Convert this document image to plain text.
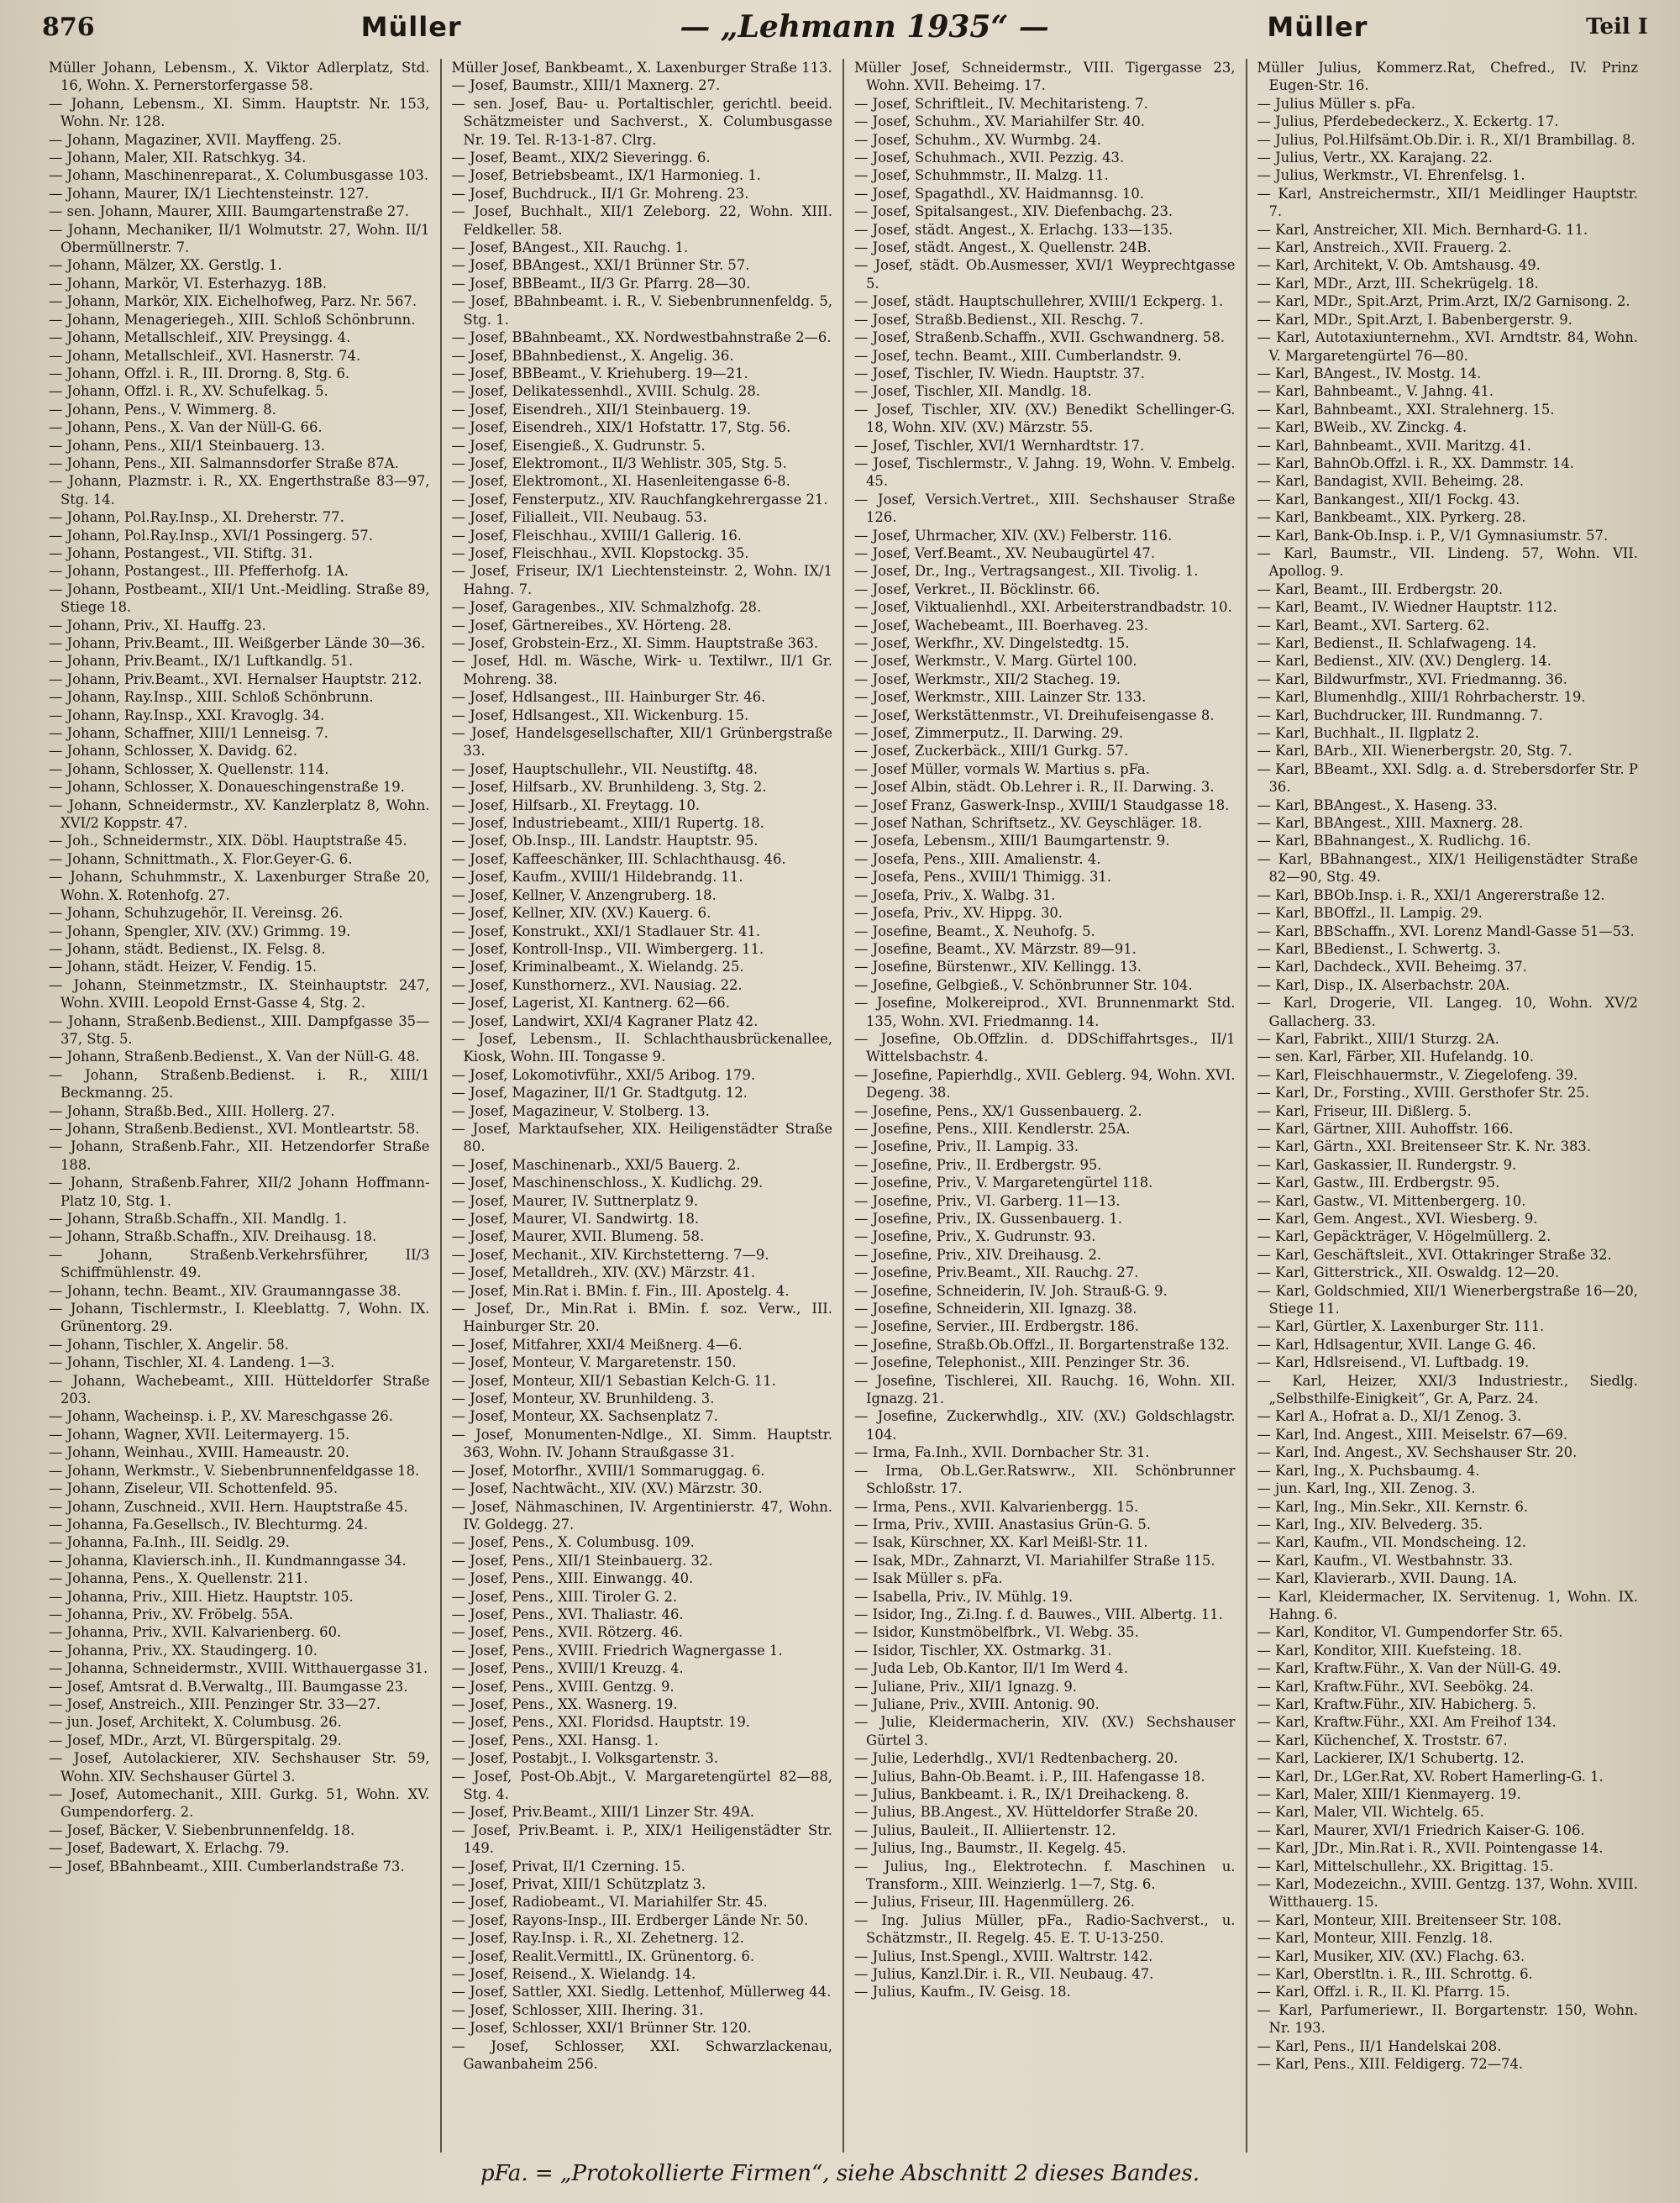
876	Müller	— „Lehmann 1935“ —	Müller	Teil I
Müller Johann, Lebensm., X. Viktor Adlerplatz, Std. 16, Wohn. X. Pernerstorfergasse 58.
— Johann, Lebensm., XI. Simm. Hauptstr. Nr. 153, Wohn. Nr. 128.
— Johann, Magaziner, XVII. Mayffeng. 25.
— Johann, Maler, XII. Ratschkyg. 34.
— Johann, Maschinenreparat., X. Columbusgasse 103.
— Johann, Maurer, IX/1 Liechtensteinstr. 127.
— sen. Johann, Maurer, XIII. Baumgartenstraße 27.
— Johann, Mechaniker, II/1 Wolmutstr. 27, Wohn. II/1 Obermüllnerstr. 7.
— Johann, Mälzer, XX. Gerstlg. 1.
— Johann, Markör, VI. Esterhazyg. 18B.
— Johann, Markör, XIX. Eichelhofweg, Parz. Nr. 567.
— Johann, Menageriegeh., XIII. Schloß Schönbrunn.
— Johann, Metallschleif., XIV. Preysingg. 4.
— Johann, Metallschleif., XVI. Hasnerstr. 74.
— Johann, Offzl. i. R., III. Drorng. 8, Stg. 6.
— Johann, Offzl. i. R., XV. Schufelkag. 5.
— Johann, Pens., V. Wimmerg. 8.
— Johann, Pens., X. Van der Nüll-G. 66.
— Johann, Pens., XII/1 Steinbauerg. 13.
— Johann, Pens., XII. Salmannsdorfer Straße 87A.
— Johann, Plazmstr. i. R., XX. Engerthstraße 83—97, Stg. 14.
— Johann, Pol.Ray.Insp., XI. Dreherstr. 77.
— Johann, Pol.Ray.Insp., XVI/1 Possingerg. 57.
— Johann, Postangest., VII. Stiftg. 31.
— Johann, Postangest., III. Pfefferhofg. 1A.
— Johann, Postbeamt., XII/1 Unt.-Meidling. Straße 89, Stiege 18.
— Johann, Priv., XI. Hauffg. 23.
— Johann, Priv.Beamt., III. Weißgerber Lände 30—36.
— Johann, Priv.Beamt., IX/1 Luftkandlg. 51.
— Johann, Priv.Beamt., XVI. Hernalser Hauptstr. 212.
— Johann, Ray.Insp., XIII. Schloß Schönbrunn.
— Johann, Ray.Insp., XXI. Kravoglg. 34.
— Johann, Schaffner, XIII/1 Lenneisg. 7.
— Johann, Schlosser, X. Davidg. 62.
— Johann, Schlosser, X. Quellenstr. 114.
— Johann, Schlosser, X. Donaueschingenstraße 19.
— Johann, Schneidermstr., XV. Kanzlerplatz 8, Wohn. XVI/2 Koppstr. 47.
— Joh., Schneidermstr., XIX. Döbl. Hauptstraße 45.
— Johann, Schnittmath., X. Flor.Geyer-G. 6.
— Johann, Schuhmmstr., X. Laxenburger Straße 20, Wohn. X. Rotenhofg. 27.
— Johann, Schuhzugehör, II. Vereinsg. 26.
— Johann, Spengler, XIV. (XV.) Grimmg. 19.
— Johann, städt. Bedienst., IX. Felsg. 8.
— Johann, städt. Heizer, V. Fendig. 15.
— Johann, Steinmetzmstr., IX. Steinhauptstr. 247, Wohn. XVIII. Leopold Ernst-Gasse 4, Stg. 2.
— Johann, Straßenb.Bedienst., XIII. Dampfgasse 35—37, Stg. 5.
— Johann, Straßenb.Bedienst., X. Van der Nüll-G. 48.
— Johann, Straßenb.Bedienst. i. R., XIII/1 Beckmanng. 25.
— Johann, Straßb.Bed., XIII. Hollerg. 27.
— Johann, Straßenb.Bedienst., XVI. Montleartstr. 58.
— Johann, Straßenb.Fahr., XII. Hetzendorfer Straße 188.
— Johann, Straßenb.Fahrer, XII/2 Johann Hoffmann-Platz 10, Stg. 1.
— Johann, Straßb.Schaffn., XII. Mandlg. 1.
— Johann, Straßb.Schaffn., XIV. Dreihausg. 18.
— Johann, Straßenb.Verkehrsführer, II/3 Schiffmühlenstr. 49.
— Johann, techn. Beamt., XIV. Graumanngasse 38.
— Johann, Tischlermstr., I. Kleeblattg. 7, Wohn. IX. Grünentorg. 29.
— Johann, Tischler, X. Angeliг. 58.
— Johann, Tischler, XI. 4. Landeng. 1—3.
— Johann, Wachebeamt., XIII. Hütteldorfer Straße 203.
— Johann, Wacheinsp. i. P., XV. Mareschgasse 26.
— Johann, Wagner, XVII. Leitermayerg. 15.
— Johann, Weinhau., XVIII. Hameaustr. 20.
— Johann, Werkmstr., V. Siebenbrunnenfeldgasse 18.
— Johann, Ziseleur, VII. Schottenfeld. 95.
— Johann, Zuschneid., XVII. Hern. Hauptstraße 45.
— Johanna, Fa.Gesellsch., IV. Blechturmg. 24.
— Johanna, Fa.Inh., III. Seidlg. 29.
— Johanna, Klaviersch.inh., II. Kundmanngasse 34.
— Johanna, Pens., X. Quellenstr. 211.
— Johanna, Priv., XIII. Hietz. Hauptstr. 105.
— Johanna, Priv., XV. Fröbelg. 55A.
— Johanna, Priv., XVII. Kalvarienberg. 60.
— Johanna, Priv., XX. Staudingerg. 10.
— Johanna, Schneidermstr., XVIII. Witthauergasse 31.
— Josef, Amtsrat d. B.Verwaltg., III. Baumgasse 23.
— Josef, Anstreich., XIII. Penzinger Str. 33—27.
— jun. Josef, Architekt, X. Columbusg. 26.
— Josef, MDr., Arzt, VI. Bürgerspitalg. 29.
— Josef, Autolackierer, XIV. Sechshauser Str. 59, Wohn. XIV. Sechshauser Gürtel 3.
— Josef, Automechanit., XIII. Gurkg. 51, Wohn. XV. Gumpendorferg. 2.
— Josef, Bäcker, V. Siebenbrunnenfeldg. 18.
— Josef, Badewart, X. Erlachg. 79.
— Josef, BBahnbeamt., XIII. Cumberlandstraße 73.
Müller Josef, Bankbeamt., X. Laxenburger Straße 113.
— Josef, Baumstr., XIII/1 Maxnerg. 27.
— sen. Josef, Bau- u. Portaltischler, gerichtl. beeid. Schätzmeister und Sachverst., X. Columbusgasse Nr. 19. Tel. R-13-1-87. Clrg.
— Josef, Beamt., XIX/2 Sieveringg. 6.
— Josef, Betriebsbeamt., IX/1 Harmonieg. 1.
— Josef, Buchdruck., II/1 Gr. Mohreng. 23.
— Josef, Buchhalt., XII/1 Zeleborg. 22, Wohn. XIII. Feldkeller. 58.
— Josef, BAngest., XII. Rauchg. 1.
— Josef, BBAngest., XXI/1 Brünner Str. 57.
— Josef, BBBeamt., II/3 Gr. Pfarrg. 28—30.
— Josef, BBahnbeamt. i. R., V. Siebenbrunnenfeldg. 5, Stg. 1.
— Josef, BBahnbeamt., XX. Nordwestbahnstraße 2—6.
— Josef, BBahnbedienst., X. Angelig. 36.
— Josef, BBBeamt., V. Kriehuberg. 19—21.
— Josef, Delikatessenhdl., XVIII. Schulg. 28.
— Josef, Eisendreh., XII/1 Steinbauerg. 19.
— Josef, Eisendreh., XIX/1 Hofstattr. 17, Stg. 56.
— Josef, Eisengieß., X. Gudrunstr. 5.
— Josef, Elektromont., II/3 Wehlistr. 305, Stg. 5.
— Josef, Elektromont., XI. Hasenleitengasse 6-8.
— Josef, Fensterputz., XIV. Rauchfangkehrergasse 21.
— Josef, Filialleit., VII. Neubaug. 53.
— Josef, Fleischhau., XVIII/1 Gallerig. 16.
— Josef, Fleischhau., XVII. Klopstockg. 35.
— Josef, Friseur, IX/1 Liechtensteinstr. 2, Wohn. IX/1 Hahng. 7.
— Josef, Garagenbes., XIV. Schmalzhofg. 28.
— Josef, Gärtnereibes., XV. Hörteng. 28.
— Josef, Grobstein-Erz., XI. Simm. Hauptstraße 363.
— Josef, Hdl. m. Wäsche, Wirk- u. Textilwr., II/1 Gr. Mohreng. 38.
— Josef, Hdlsangest., III. Hainburger Str. 46.
— Josef, Hdlsangest., XII. Wickenburg. 15.
— Josef, Handelsgesellschafter, XII/1 Grünbergstraße 33.
— Josef, Hauptschullehr., VII. Neustiftg. 48.
— Josef, Hilfsarb., XV. Brunhildeng. 3, Stg. 2.
— Josef, Hilfsarb., XI. Freytagg. 10.
— Josef, Industriebeamt., XIII/1 Rupertg. 18.
— Josef, Ob.Insp., III. Landstr. Hauptstr. 95.
— Josef, Kaffeeschänker, III. Schlachthausg. 46.
— Josef, Kaufm., XVIII/1 Hildebrandg. 11.
— Josef, Kellner, V. Anzengruberg. 18.
— Josef, Kellner, XIV. (XV.) Kauerg. 6.
— Josef, Konstrukt., XXI/1 Stadlauer Str. 41.
— Josef, Kontroll-Insp., VII. Wimbergerg. 11.
— Josef, Kriminalbeamt., X. Wielandg. 25.
— Josef, Kunsthornerz., XVI. Nausiag. 22.
— Josef, Lagerist, XI. Kantnerg. 62—66.
— Josef, Landwirt, XXI/4 Kagraner Platz 42.
— Josef, Lebensm., II. Schlachthausbrückenallee, Kiosk, Wohn. III. Tongasse 9.
— Josef, Lokomotivführ., XXI/5 Aribog. 179.
— Josef, Magaziner, II/1 Gr. Stadtgutg. 12.
— Josef, Magazineur, V. Stolberg. 13.
— Josef, Marktaufseher, XIX. Heiligenstädter Straße 80.
— Josef, Maschinenarb., XXI/5 Bauerg. 2.
— Josef, Maschinenschloss., X. Kudlichg. 29.
— Josef, Maurer, IV. Suttnerplatz 9.
— Josef, Maurer, VI. Sandwirtg. 18.
— Josef, Maurer, XVII. Blumeng. 58.
— Josef, Mechanit., XIV. Kirchstetterng. 7—9.
— Josef, Metalldreh., XIV. (XV.) Märzstr. 41.
— Josef, Min.Rat i. BMin. f. Fin., III. Apostelg. 4.
— Josef, Dr., Min.Rat i. BMin. f. soz. Verw., III. Hainburger Str. 20.
— Josef, Mitfahrer, XXI/4 Meißnerg. 4—6.
— Josef, Monteur, V. Margaretenstr. 150.
— Josef, Monteur, XII/1 Sebastian Kelch-G. 11.
— Josef, Monteur, XV. Brunhildeng. 3.
— Josef, Monteur, XX. Sachsenplatz 7.
— Josef, Monumenten-Ndlge., XI. Simm. Hauptstr. 363, Wohn. IV. Johann Straußgasse 31.
— Josef, Motorfhr., XVIII/1 Sommaruggag. 6.
— Josef, Nachtwächt., XIV. (XV.) Märzstr. 30.
— Josef, Nähmaschinen, IV. Argentinierstr. 47, Wohn. IV. Goldegg. 27.
— Josef, Pens., X. Columbusg. 109.
— Josef, Pens., XII/1 Steinbauerg. 32.
— Josef, Pens., XIII. Einwangg. 40.
— Josef, Pens., XIII. Tiroler G. 2.
— Josef, Pens., XVI. Thaliastr. 46.
— Josef, Pens., XVII. Rötzerg. 46.
— Josef, Pens., XVIII. Friedrich Wagnergasse 1.
— Josef, Pens., XVIII/1 Kreuzg. 4.
— Josef, Pens., XVIII. Gentzg. 9.
— Josef, Pens., XX. Wasnerg. 19.
— Josef, Pens., XXI. Floridsd. Hauptstr. 19.
— Josef, Pens., XXI. Hansg. 1.
— Josef, Postabjt., I. Volksgartenstr. 3.
— Josef, Post-Ob.Abjt., V. Margaretengürtel 82—88, Stg. 4.
— Josef, Priv.Beamt., XIII/1 Linzer Str. 49A.
— Josef, Priv.Beamt. i. P., XIX/1 Heiligenstädter Str. 149.
— Josef, Privat, II/1 Czerning. 15.
— Josef, Privat, XIII/1 Schützplatz 3.
— Josef, Radiobeamt., VI. Mariahilfer Str. 45.
— Josef, Rayons-Insp., III. Erdberger Lände Nr. 50.
— Josef, Ray.Insp. i. R., XI. Zehetnerg. 12.
— Josef, Realit.Vermittl., IX. Grünentorg. 6.
— Josef, Reisend., X. Wielandg. 14.
— Josef, Sattler, XXI. Siedlg. Lettenhof, Müllerweg 44.
— Josef, Schlosser, XIII. Ihering. 31.
— Josef, Schlosser, XXI/1 Brünner Str. 120.
— Josef, Schlosser, XXI. Schwarzlackenau, Gawanbaheim 256.
Müller Josef, Schneidermstr., VIII. Tigergasse 23, Wohn. XVII. Beheimg. 17.
— Josef, Schriftleit., IV. Mechitaristeng. 7.
— Josef, Schuhm., XV. Mariahilfer Str. 40.
— Josef, Schuhm., XV. Wurmbg. 24.
— Josef, Schuhmach., XVII. Pezzig. 43.
— Josef, Schuhmmstr., II. Malzg. 11.
— Josef, Spagathdl., XV. Haidmannsg. 10.
— Josef, Spitalsangest., XIV. Diefenbachg. 23.
— Josef, städt. Angest., X. Erlachg. 133—135.
— Josef, städt. Angest., X. Quellenstr. 24B.
— Josef, städt. Ob.Ausmesser, XVI/1 Weyprechtgasse 5.
— Josef, städt. Hauptschullehrer, XVIII/1 Eckperg. 1.
— Josef, Straßb.Bedienst., XII. Reschg. 7.
— Josef, Straßenb.Schaffn., XVII. Gschwandnerg. 58.
— Josef, techn. Beamt., XIII. Cumberlandstr. 9.
— Josef, Tischler, IV. Wiedn. Hauptstr. 37.
— Josef, Tischler, XII. Mandlg. 18.
— Josef, Tischler, XIV. (XV.) Benedikt Schellinger-G. 18, Wohn. XIV. (XV.) Märzstr. 55.
— Josef, Tischler, XVI/1 Wernhardtstr. 17.
— Josef, Tischlermstr., V. Jahng. 19, Wohn. V. Embelg. 45.
— Josef, Versich.Vertret., XIII. Sechshauser Straße 126.
— Josef, Uhrmacher, XIV. (XV.) Felberstr. 116.
— Josef, Verf.Beamt., XV. Neubaugürtel 47.
— Josef, Dr., Ing., Vertragsangest., XII. Tivolig. 1.
— Josef, Verkret., II. Böcklinstr. 66.
— Josef, Viktualienhdl., XXI. Arbeiterstrandbadstr. 10.
— Josef, Wachebeamt., III. Boerhaveg. 23.
— Josef, Werkfhr., XV. Dingelstedtg. 15.
— Josef, Werkmstr., V. Marg. Gürtel 100.
— Josef, Werkmstr., XII/2 Stacheg. 19.
— Josef, Werkmstr., XIII. Lainzer Str. 133.
— Josef, Werkstättenmstr., VI. Dreihufeisengasse 8.
— Josef, Zimmerputz., II. Darwing. 29.
— Josef, Zuckerbäck., XIII/1 Gurkg. 57.
— Josef Müller, vormals W. Martius s. pFa.
— Josef Albin, städt. Ob.Lehrer i. R., II. Darwing. 3.
— Josef Franz, Gaswerk-Insp., XVIII/1 Staudgasse 18.
— Josef Nathan, Schriftsetz., XV. Geyschläger. 18.
— Josefa, Lebensm., XIII/1 Baumgartenstr. 9.
— Josefa, Pens., XIII. Amalienstr. 4.
— Josefa, Pens., XVIII/1 Thimigg. 31.
— Josefa, Priv., X. Walbg. 31.
— Josefa, Priv., XV. Hippg. 30.
— Josefine, Beamt., X. Neuhofg. 5.
— Josefine, Beamt., XV. Märzstr. 89—91.
— Josefine, Bürstenwr., XIV. Kellingg. 13.
— Josefine, Gelbgieß., V. Schönbrunner Str. 104.
— Josefine, Molkereiprod., XVI. Brunnenmarkt Std. 135, Wohn. XVI. Friedmanng. 14.
— Josefine, Ob.Offzlin. d. DDSchiffahrtsges., II/1 Wittelsbachstr. 4.
— Josefine, Papierhdlg., XVII. Geblerg. 94, Wohn. XVI. Degeng. 38.
— Josefine, Pens., XX/1 Gussenbauerg. 2.
— Josefine, Pens., XIII. Kendlerstr. 25A.
— Josefine, Priv., II. Lampig. 33.
— Josefine, Priv., II. Erdbergstr. 95.
— Josefine, Priv., V. Margaretengürtel 118.
— Josefine, Priv., VI. Garberg. 11—13.
— Josefine, Priv., IX. Gussenbauerg. 1.
— Josefine, Priv., X. Gudrunstr. 93.
— Josefine, Priv., XIV. Dreihausg. 2.
— Josefine, Priv.Beamt., XII. Rauchg. 27.
— Josefine, Schneiderin, IV. Joh. Strauß-G. 9.
— Josefine, Schneiderin, XII. Ignazg. 38.
— Josefine, Servier., III. Erdbergstr. 186.
— Josefine, Straßb.Ob.Offzl., II. Borgartenstraße 132.
— Josefine, Telephonist., XIII. Penzinger Str. 36.
— Josefine, Tischlerei, XII. Rauchg. 16, Wohn. XII. Ignazg. 21.
— Josefine, Zuckerwhdlg., XIV. (XV.) Goldschlagstr. 104.
— Irma, Fa.Inh., XVII. Dornbacher Str. 31.
— Irma, Ob.L.Ger.Ratswrw., XII. Schönbrunner Schloßstr. 17.
— Irma, Pens., XVII. Kalvarienbergg. 15.
— Irma, Priv., XVIII. Anastasius Grün-G. 5.
— Isak, Kürschner, XX. Karl Meißl-Str. 11.
— Isak, MDr., Zahnarzt, VI. Mariahilfer Straße 115.
— Isak Müller s. pFa.
— Isabella, Priv., IV. Mühlg. 19.
— Isidor, Ing., Zi.Ing. f. d. Bauwes., VIII. Albertg. 11.
— Isidor, Kunstmöbelfbrk., VI. Webg. 35.
— Isidor, Tischler, XX. Ostmarkg. 31.
— Juda Leb, Ob.Kantor, II/1 Im Werd 4.
— Juliane, Priv., XII/1 Ignazg. 9.
— Juliane, Priv., XVIII. Antonig. 90.
— Julie, Kleidermacherin, XIV. (XV.) Sechshauser Gürtel 3.
— Julie, Lederhdlg., XVI/1 Redtenbacherg. 20.
— Julius, Bahn-Ob.Beamt. i. P., III. Hafengasse 18.
— Julius, Bankbeamt. i. R., IX/1 Dreihackeng. 8.
— Julius, BB.Angest., XV. Hütteldorfer Straße 20.
— Julius, Bauleit., II. Alliiertenstr. 12.
— Julius, Ing., Baumstr., II. Kegelg. 45.
— Julius, Ing., Elektrotechn. f. Maschinen u. Transform., XIII. Weinzierlg. 1—7, Stg. 6.
— Julius, Friseur, III. Hagenmüllerg. 26.
— Ing. Julius Müller, pFa., Radio-Sachverst., u. Schätzmstr., II. Regelg. 45. E. T. U-13-250.
— Julius, Inst.Spengl., XVIII. Waltrstr. 142.
— Julius, Kanzl.Dir. i. R., VII. Neubaug. 47.
— Julius, Kaufm., IV. Geisg. 18.
Müller Julius, Kommerz.Rat, Chefred., IV. Prinz Eugen-Str. 16.
— Julius Müller s. pFa.
— Julius, Pferdebedeckerz., X. Eckertg. 17.
— Julius, Pol.Hilfsämt.Ob.Dir. i. R., XI/1 Brambillag. 8.
— Julius, Vertr., XX. Karajang. 22.
— Julius, Werkmstr., VI. Ehrenfelsg. 1.
— Karl, Anstreichermstr., XII/1 Meidlinger Hauptstr. 7.
— Karl, Anstreicher, XII. Mich. Bernhard-G. 11.
— Karl, Anstreich., XVII. Frauerg. 2.
— Karl, Architekt, V. Ob. Amtshausg. 49.
— Karl, MDr., Arzt, III. Schekrügelg. 18.
— Karl, MDr., Spit.Arzt, Prim.Arzt, IX/2 Garnisong. 2.
— Karl, MDr., Spit.Arzt, I. Babenbergerstr. 9.
— Karl, Autotaxiunternehm., XVI. Arndtstr. 84, Wohn. V. Margaretengürtel 76—80.
— Karl, BAngest., IV. Mostg. 14.
— Karl, Bahnbeamt., V. Jahng. 41.
— Karl, Bahnbeamt., XXI. Stralehnerg. 15.
— Karl, BWeib., XV. Zinckg. 4.
— Karl, Bahnbeamt., XVII. Maritzg. 41.
— Karl, BahnOb.Offzl. i. R., XX. Dammstr. 14.
— Karl, Bandagist, XVII. Beheimg. 28.
— Karl, Bankangest., XII/1 Fockg. 43.
— Karl, Bankbeamt., XIX. Pyrkerg. 28.
— Karl, Bank-Ob.Insp. i. P., V/1 Gymnasiumstr. 57.
— Karl, Baumstr., VII. Lindeng. 57, Wohn. VII. Apollog. 9.
— Karl, Beamt., III. Erdbergstr. 20.
— Karl, Beamt., IV. Wiedner Hauptstr. 112.
— Karl, Beamt., XVI. Sarterg. 62.
— Karl, Bedienst., II. Schlafwageng. 14.
— Karl, Bedienst., XIV. (XV.) Denglerg. 14.
— Karl, Bildwurfmstr., XVI. Friedmanng. 36.
— Karl, Blumenhdlg., XIII/1 Rohrbacherstr. 19.
— Karl, Buchdrucker, III. Rundmanng. 7.
— Karl, Buchhalt., II. Ilgplatz 2.
— Karl, BArb., XII. Wienerbergstr. 20, Stg. 7.
— Karl, BBeamt., XXI. Sdlg. a. d. Strebersdorfer Str. P 36.
— Karl, BBAngest., X. Haseng. 33.
— Karl, BBAngest., XIII. Maxnerg. 28.
— Karl, BBahnangest., X. Rudlichg. 16.
— Karl, BBahnangest., XIX/1 Heiligenstädter Straße 82—90, Stg. 49.
— Karl, BBOb.Insp. i. R., XXI/1 Angererstraße 12.
— Karl, BBOffzl., II. Lampig. 29.
— Karl, BBSchaffn., XVI. Lorenz Mandl-Gasse 51—53.
— Karl, BBedienst., I. Schwertg. 3.
— Karl, Dachdeck., XVII. Beheimg. 37.
— Karl, Disp., IX. Alserbachstr. 20A.
— Karl, Drogerie, VII. Langeg. 10, Wohn. XV/2 Gallacherg. 33.
— Karl, Fabrikt., XIII/1 Sturzg. 2A.
— sen. Karl, Färber, XII. Hufelandg. 10.
— Karl, Fleischhauermstr., V. Ziegelofeng. 39.
— Karl, Dr., Forsting., XVIII. Gersthofer Str. 25.
— Karl, Friseur, III. Dißlerg. 5.
— Karl, Gärtner, XIII. Auhoffstr. 166.
— Karl, Gärtn., XXI. Breitenseer Str. K. Nr. 383.
— Karl, Gaskassier, II. Rundergstr. 9.
— Karl, Gastw., III. Erdbergstr. 95.
— Karl, Gastw., VI. Mittenbergerg. 10.
— Karl, Gem. Angest., XVI. Wiesberg. 9.
— Karl, Gepäckträger, V. Högelmüllerg. 2.
— Karl, Geschäftsleit., XVI. Ottakringer Straße 32.
— Karl, Gitterstrick., XII. Oswaldg. 12—20.
— Karl, Goldschmied, XII/1 Wienerbergstraße 16—20, Stiege 11.
— Karl, Gürtler, X. Laxenburger Str. 111.
— Karl, Hdlsagentur, XVII. Lange G. 46.
— Karl, Hdlsreisend., VI. Luftbadg. 19.
— Karl, Heizer, XXI/3 Industriestr., Siedlg. „Selbsthilfe-Einigkeit“, Gr. A, Parz. 24.
— Karl A., Hofrat a. D., XI/1 Zenog. 3.
— Karl, Ind. Angest., XIII. Meiselstr. 67—69.
— Karl, Ind. Angest., XV. Sechshauser Str. 20.
— Karl, Ing., X. Puchsbaumg. 4.
— jun. Karl, Ing., XII. Zenog. 3.
— Karl, Ing., Min.Sekr., XII. Kernstr. 6.
— Karl, Ing., XIV. Belvederg. 35.
— Karl, Kaufm., VII. Mondscheing. 12.
— Karl, Kaufm., VI. Westbahnstr. 33.
— Karl, Klavierarb., XVII. Daung. 1A.
— Karl, Kleidermacher, IX. Servitenug. 1, Wohn. IX. Hahng. 6.
— Karl, Konditor, VI. Gumpendorfer Str. 65.
— Karl, Konditor, XIII. Kuefsteing. 18.
— Karl, Kraftw.Führ., X. Van der Nüll-G. 49.
— Karl, Kraftw.Führ., XVI. Seebökg. 24.
— Karl, Kraftw.Führ., XIV. Habicherg. 5.
— Karl, Kraftw.Führ., XXI. Am Freihof 134.
— Karl, Küchenchef, X. Troststr. 67.
— Karl, Lackierer, IX/1 Schubertg. 12.
— Karl, Dr., LGer.Rat, XV. Robert Hamerling-G. 1.
— Karl, Maler, XIII/1 Kienmayerg. 19.
— Karl, Maler, VII. Wichtelg. 65.
— Karl, Maurer, XVI/1 Friedrich Kaiser-G. 106.
— Karl, JDr., Min.Rat i. R., XVII. Pointengasse 14.
— Karl, Mittelschullehr., XX. Brigittag. 15.
— Karl, Modezeichn., XVIII. Gentzg. 137, Wohn. XVIII. Witthauerg. 15.
— Karl, Monteur, XIII. Breitenseer Str. 108.
— Karl, Monteur, XIII. Fenzlg. 18.
— Karl, Musiker, XIV. (XV.) Flachg. 63.
— Karl, Oberstltn. i. R., III. Schrottg. 6.
— Karl, Offzl. i. R., II. Kl. Pfarrg. 15.
— Karl, Parfumeriewr., II. Borgartenstr. 150, Wohn. Nr. 193.
— Karl, Pens., II/1 Handelskai 208.
— Karl, Pens., XIII. Feldigerg. 72—74.
pFa. = „Protokollierte Firmen“, siehe Abschnitt 2 dieses Bandes.
